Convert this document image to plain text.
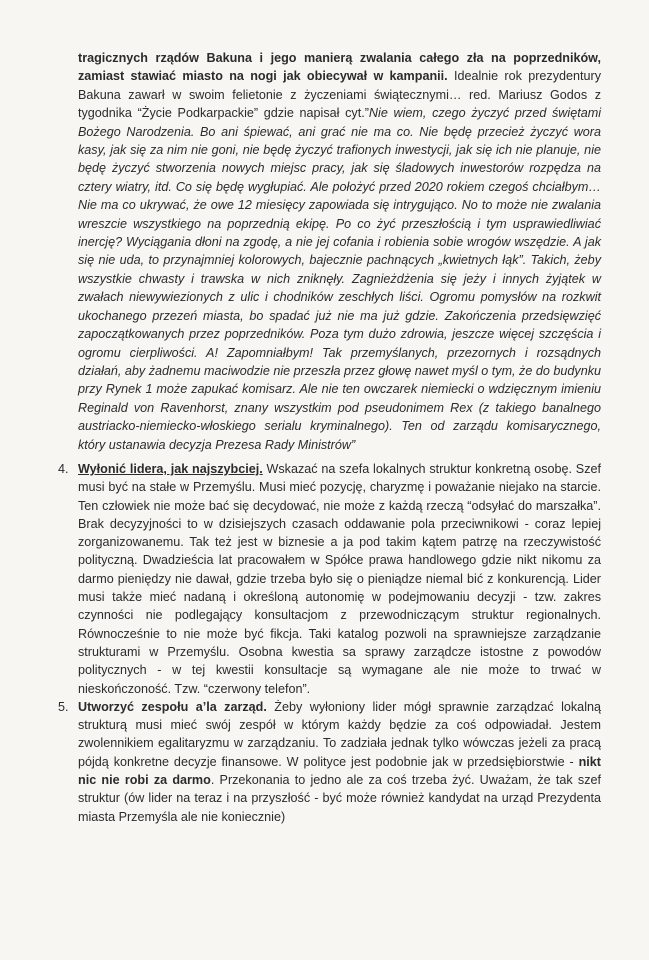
tragicznych rządów Bakuna i jego manierą zwalania całego zła na poprzedników, zamiast stawiać miasto na nogi jak obiecywał w kampanii. Idealnie rok prezydentury Bakuna zawarł w swoim felietonie z życzeniami świątecznymi… red. Mariusz Godos z tygodnika “Życie Podkarpackie” gdzie napisał cyt.”Nie wiem, czego życzyć przed świętami Bożego Narodzenia. Bo ani śpiewać, ani grać nie ma co. Nie będę przecież życzyć wora kasy, jak się za nim nie goni, nie będę życzyć trafionych inwestycji, jak się ich nie planuje, nie będę życzyć stworzenia nowych miejsc pracy, jak się śladowych inwestorów rozpędza na cztery wiatry, itd. Co się będę wygłupiać. Ale położyć przed 2020 rokiem czegoś chciałbym… Nie ma co ukrywać, że owe 12 miesięcy zapowiada się intrygująco. No to może nie zwalania wreszcie wszystkiego na poprzednią ekipę. Po co żyć przeszłością i tym usprawiedliwiać inercję? Wyciągania dłoni na zgodę, a nie jej cofania i robienia sobie wrogów wszędzie. A jak się nie uda, to przynajmniej kolorowych, bajecznie pachnących „kwietnych łąk”. Takich, żeby wszystkie chwasty i trawska w nich zniknęły. Zagnieżdżenia się jeży i innych żyjątek w zwałach niewywiezionych z ulic i chodników zeschłych liści. Ogromu pomysłów na rozkwit ukochanego przezeń miasta, bo spadać już nie ma już gdzie. Zakończenia przedsięwzięć zapoczątkowanych przez poprzedników. Poza tym dużo zdrowia, jeszcze więcej szczęścia i ogromu cierpliwości. A! Zapomniałbym! Tak przemyślanych, przezornych i rozsądnych działań, aby żadnemu maciwodzie nie przeszła przez głowę nawet myśl o tym, że do budynku przy Rynek 1 może zapukać komisarz. Ale nie ten owczarek niemiecki o wdzięcznym imieniu Reginald von Ravenhorst, znany wszystkim pod pseudonimem Rex (z takiego banalnego austriacko-niemiecko-włoskiego serialu kryminalnego). Ten od zarządu komisarycznego, który ustanawia decyzja Prezesa Rady Ministrów”

4. Wyłonić lidera, jak najszybciej. Wskazać na szefa lokalnych struktur konkretną osobę. Szef musi być na stałe w Przemyślu. Musi mieć pozycję, charyzmę i poważanie niejako na starcie. Ten człowiek nie może bać się decydować, nie może z każdą rzeczą “odsyłać do marszałka”. Brak decyzyjności to w dzisiejszych czasach oddawanie pola przeciwnikowi - coraz lepiej zorganizowanemu. Tak też jest w biznesie a ja pod takim kątem patrzę na rzeczywistość polityczną. Dwadzieścia lat pracowałem w Spółce prawa handlowego gdzie nikt nikomu za darmo pieniędzy nie dawał, gdzie trzeba było się o pieniądze niemal bić z konkurencją. Lider musi także mieć nadaną i określoną autonomię w podejmowaniu decyzji - tzw. zakres czynności nie podlegający konsultacjom z przewodniczącym struktur regionalnych. Równocześnie to nie może być fikcja. Taki katalog pozwoli na sprawniejsze zarządzanie strukturami w Przemyślu. Osobna kwestia sa sprawy zarządcze istostne z powodów politycznych - w tej kwestii konsultacje są wymagane ale nie może to trwać w nieskończoność. Tzw. “czerwony telefon”.
5. Utworzyć zespołu a’la zarząd. Żeby wyłoniony lider mógł sprawnie zarządzać lokalną strukturą musi mieć swój zespół w którym każdy będzie za coś odpowiadał. Jestem zwolennikiem egalitaryzmu w zarządzaniu. To zadziała jednak tylko wówczas jeżeli za pracą pójdą konkretne decyzje finansowe. W polityce jest podobnie jak w przedsiębiorstwie - nikt nic nie robi za darmo. Przekonania to jedno ale za coś trzeba żyć. Uważam, że tak szef struktur (ów lider na teraz i na przyszłość - być może również kandydat na urząd Prezydenta miasta Przemyśla ale nie koniecznie)
